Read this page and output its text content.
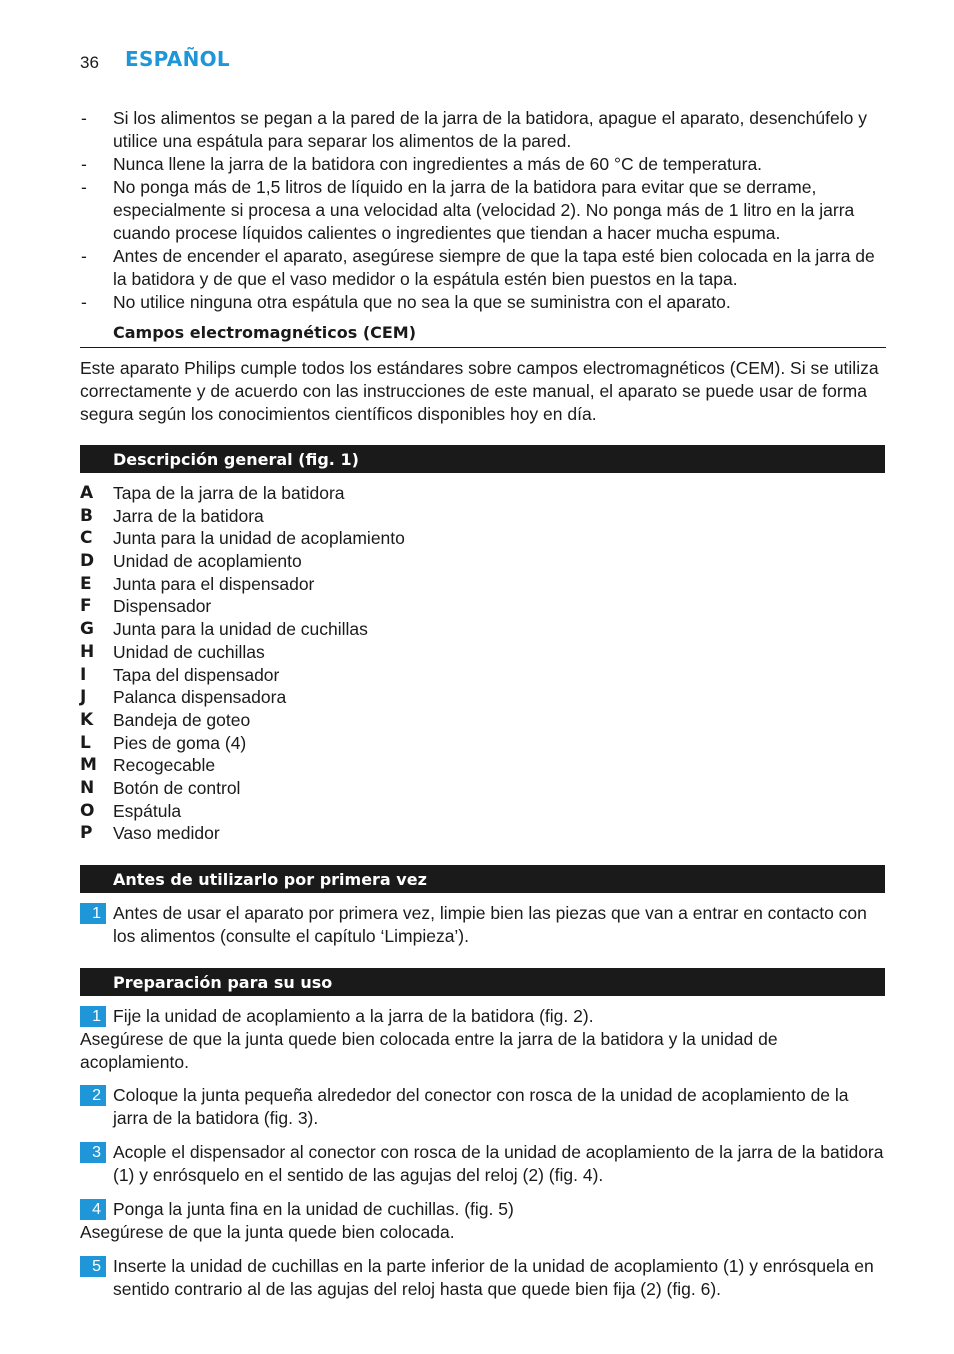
36 ESPAÑOL
- Si los alimentos se pegan a la pared de la jarra de la batidora, apague el aparato, desenchúfelo y utilice una espátula para separar los alimentos de la pared.
- Nunca llene la jarra de la batidora con ingredientes a más de 60 °C de temperatura.
- No ponga más de 1,5 litros de líquido en la jarra de la batidora para evitar que se derrame, especialmente si procesa a una velocidad alta (velocidad 2). No ponga más de 1 litro en la jarra cuando procese líquidos calientes o ingredientes que tiendan a hacer mucha espuma.
- Antes de encender el aparato, asegúrese siempre de que la tapa esté bien colocada en la jarra de la batidora y de que el vaso medidor o la espátula estén bien puestos en la tapa.
- No utilice ninguna otra espátula que no sea la que se suministra con el aparato.
Campos electromagnéticos (CEM)
Este aparato Philips cumple todos los estándares sobre campos electromagnéticos (CEM). Si se utiliza correctamente y de acuerdo con las instrucciones de este manual, el aparato se puede usar de forma segura según los conocimientos científicos disponibles hoy en día.
Descripción general (fig. 1)
A Tapa de la jarra de la batidora
B Jarra de la batidora
C Junta para la unidad de acoplamiento
D Unidad de acoplamiento
E Junta para el dispensador
F Dispensador
G Junta para la unidad de cuchillas
H Unidad de cuchillas
I Tapa del dispensador
J Palanca dispensadora
K Bandeja de goteo
L Pies de goma (4)
M Recogecable
N Botón de control
O Espátula
P Vaso medidor
Antes de utilizarlo por primera vez
1 Antes de usar el aparato por primera vez, limpie bien las piezas que van a entrar en contacto con los alimentos (consulte el capítulo ‘Limpieza’).
Preparación para su uso
1 Fije la unidad de acoplamiento a la jarra de la batidora (fig. 2).
Asegúrese de que la junta quede bien colocada entre la jarra de la batidora y la unidad de acoplamiento.
2 Coloque la junta pequeña alrededor del conector con rosca de la unidad de acoplamiento de la jarra de la batidora (fig. 3).
3 Acople el dispensador al conector con rosca de la unidad de acoplamiento de la jarra de la batidora (1) y enrósquelo en el sentido de las agujas del reloj (2) (fig. 4).
4 Ponga la junta fina en la unidad de cuchillas. (fig. 5)
Asegúrese de que la junta quede bien colocada.
5 Inserte la unidad de cuchillas en la parte inferior de la unidad de acoplamiento (1) y enrósquela en sentido contrario al de las agujas del reloj hasta que quede bien fija (2) (fig. 6).
